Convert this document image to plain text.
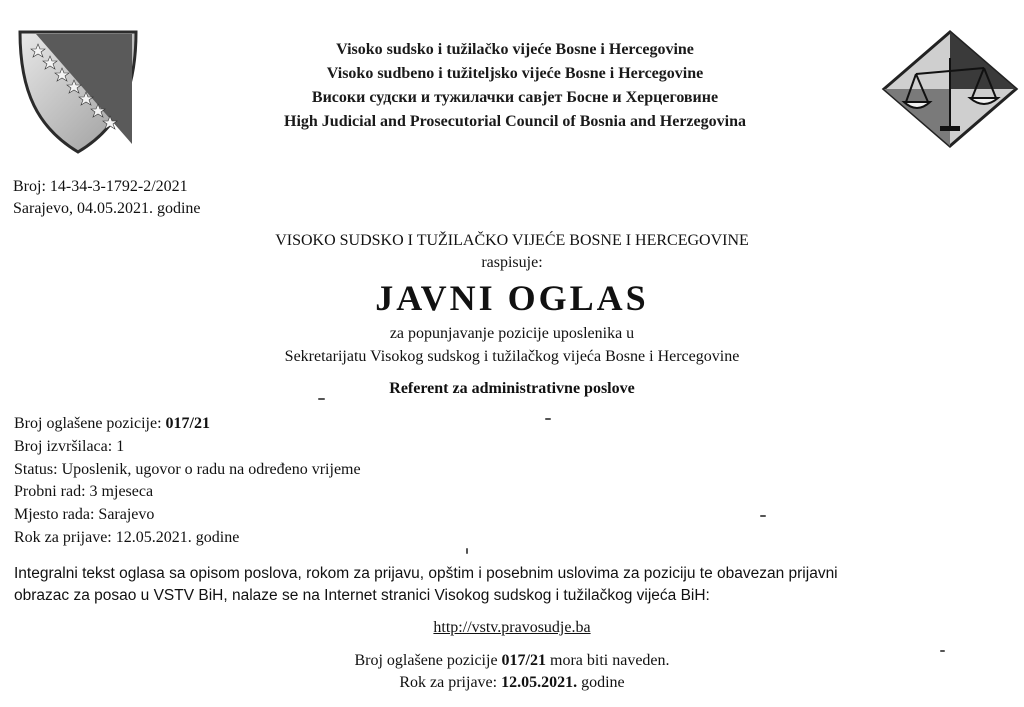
Visoko sudsko i tužilačko vijeće Bosne i Hercegovine
Visoko sudbeno i tužiteljsko vijeće Bosne i Hercegovine
Високи судски и тужилачки савјет Босне и Херцеговине
High Judicial and Prosecutorial Council of Bosnia and Herzegovina
Broj: 14-34-3-1792-2/2021
Sarajevo, 04.05.2021. godine
VISOKO SUDSKO I TUŽILAČKO VIJEĆE BOSNE I HERCEGOVINE
raspisuje:
JAVNI OGLAS
za popunjavanje pozicije uposlenika u
Sekretarijatu Visokog sudskog i tužilačkog vijeća Bosne i Hercegovine
Referent za administrativne poslove
Broj oglašene pozicije: 017/21
Broj izvršilaca: 1
Status: Uposlenik, ugovor o radu na određeno vrijeme
Probni rad: 3 mjeseca
Mjesto rada: Sarajevo
Rok za prijave: 12.05.2021. godine
Integralni tekst oglasa sa opisom poslova, rokom za prijavu, opštim i posebnim uslovima za poziciju te obavezan prijavni
obrazac za posao u VSTV BiH, nalaze se na Internet stranici Visokog sudskog i tužilačkog vijeća BiH:
http://vstv.pravosudje.ba
Broj oglašene pozicije 017/21 mora biti naveden.
Rok za prijave: 12.05.2021. godine
